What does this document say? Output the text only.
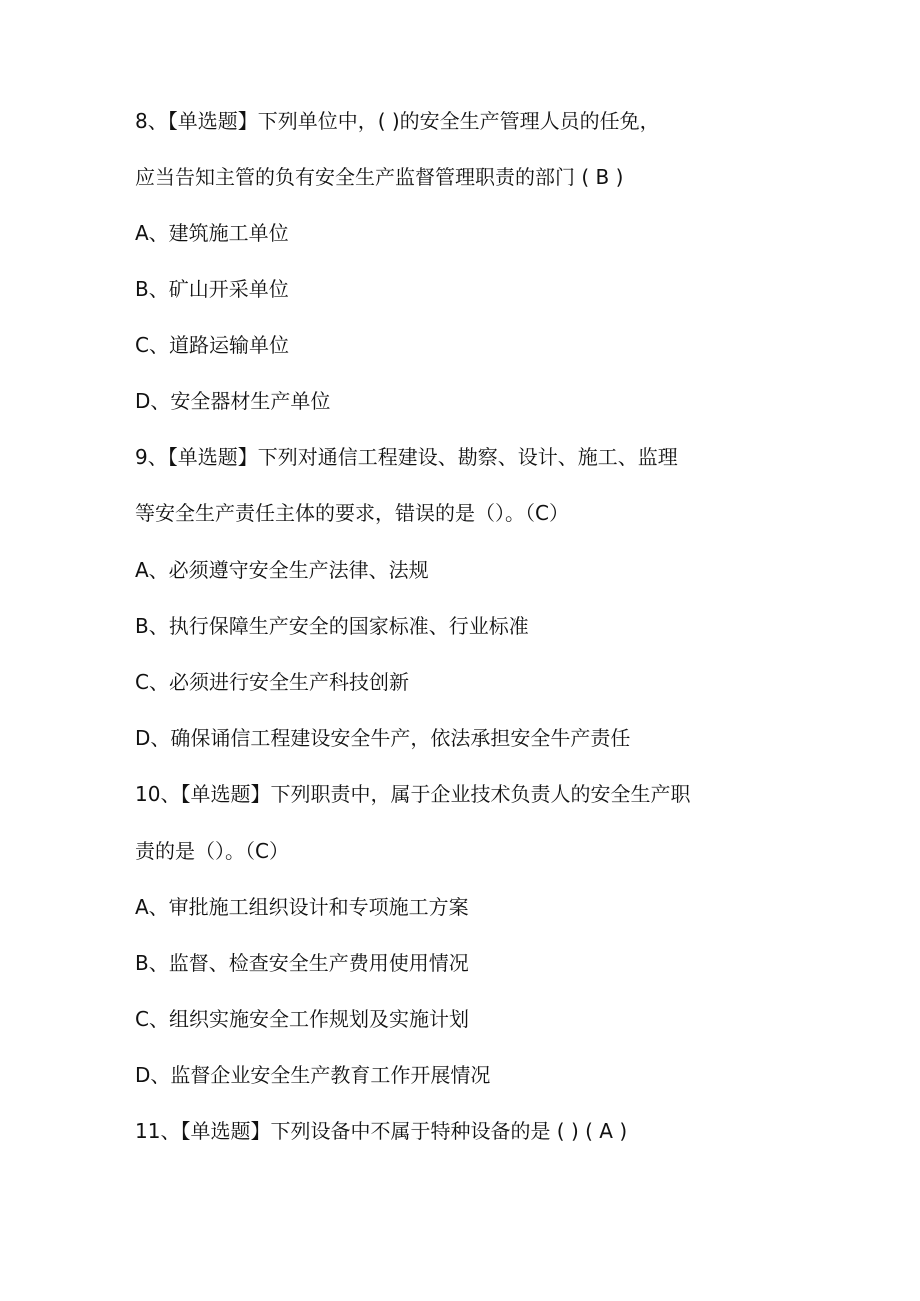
8、【单选题】下列单位中，( )的安全生产管理人员的任免，
应当告知主管的负有安全生产监督管理职责的部门 ( B )
A、建筑施工单位
B、矿山开采单位
C、道路运输单位
D、安全器材生产单位
9、【单选题】下列对通信工程建设、勘察、设计、施工、监理
等安全生产责任主体的要求，错误的是（）。（C）
A、必须遵守安全生产法律、法规
B、执行保障生产安全的国家标准、行业标准
C、必须进行安全生产科技创新
D、确保诵信工程建设安全牛产，依法承担安全牛产责任
10、【单选题】下列职责中，属于企业技术负责人的安全生产职
责的是（）。（C）
A、审批施工组织设计和专项施工方案
B、监督、检查安全生产费用使用情况
C、组织实施安全工作规划及实施计划
D、监督企业安全生产教育工作开展情况
11、【单选题】下列设备中不属于特种设备的是 ( ) ( A )
